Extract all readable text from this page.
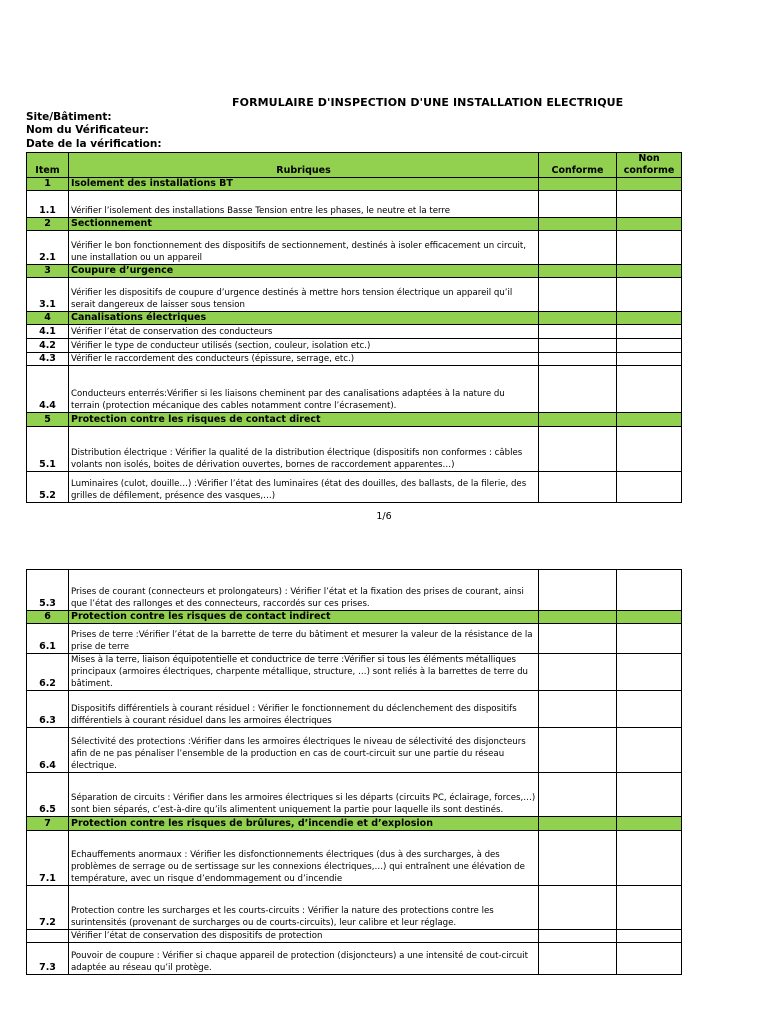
FORMULAIRE D'INSPECTION D'UNE INSTALLATION ELECTRIQUE
Site/Bâtiment:
Nom du Vérificateur:
Date de la vérification:
Item	Rubriques	Conforme	Non conforme
1	Isolement des installations BT		
1.1	Vérifier l’isolement des installations Basse Tension entre les phases, le neutre et la terre		
2	Sectionnement		
2.1	Vérifier le bon fonctionnement des dispositifs de sectionnement, destinés à isoler efficacement un circuit, une installation ou un appareil		
3	Coupure d’urgence		
3.1	Vérifier les dispositifs de coupure d’urgence destinés à mettre hors tension électrique un appareil qu’il serait dangereux de laisser sous tension		
4	Canalisations électriques		
4.1	Vérifier l’état de conservation des conducteurs		
4.2	Vérifier le type de conducteur utilisés (section, couleur, isolation etc.)		
4.3	Vérifier le raccordement des conducteurs (épissure, serrage, etc.)		
4.4	Conducteurs enterrés:Vérifier si les liaisons cheminent par des canalisations adaptées à la nature du terrain (protection mécanique des cables notamment contre l’écrasement).		
5	Protection contre les risques de contact direct		
5.1	Distribution électrique : Vérifier la qualité de la distribution électrique (dispositifs non conformes : câbles volants non isolés, boites de dérivation ouvertes, bornes de raccordement apparentes…)		
5.2	Luminaires (culot, douille…) :Vérifier l’état des luminaires (état des douilles, des ballasts, de la filerie, des grilles de défilement, présence des vasques,…)		
1/6
5.3	Prises de courant (connecteurs et prolongateurs) : Vérifier l’état et la fixation des prises de courant, ainsi que l’état des rallonges et des connecteurs, raccordés sur ces prises.		
6	Protection contre les risques de contact indirect		
6.1	Prises de terre :Vérifier l’état de la barrette de terre du bâtiment et mesurer la valeur de la résistance de la prise de terre		
6.2	Mises à la terre, liaison équipotentielle et conductrice de terre :Vérifier si tous les éléments métalliques principaux (armoires électriques, charpente métallique, structure, …) sont reliés à la barrettes de terre du bâtiment.		
6.3	Dispositifs différentiels à courant résiduel : Vérifier le fonctionnement du déclenchement des dispositifs différentiels à courant résiduel dans les armoires électriques		
6.4	Sélectivité des protections :Vérifier dans les armoires électriques le niveau de sélectivité des disjoncteurs afin de ne pas pénaliser l’ensemble de la production en cas de court-circuit sur une partie du réseau électrique.		
6.5	Séparation de circuits : Vérifier dans les armoires électriques si les départs (circuits PC, éclairage, forces,…) sont bien séparés, c’est-à-dire qu’ils alimentent uniquement la partie pour laquelle ils sont destinés.		
7	Protection contre les risques de brûlures, d’incendie et d’explosion		
7.1	Echauffements anormaux : Vérifier les disfonctionnements électriques (dus à des surcharges, à des problèmes de serrage ou de sertissage sur les connexions électriques,…) qui entraînent une élévation de température, avec un risque d’endommagement ou d’incendie		
7.2	Protection contre les surcharges et les courts-circuits : Vérifier la nature des protections contre les surintensités (provenant de surcharges ou de courts-circuits), leur calibre et leur réglage.		
	Vérifier l’état de conservation des dispositifs de protection		
7.3	Pouvoir de coupure : Vérifier si chaque appareil de protection (disjoncteurs) a une intensité de cout-circuit adaptée au réseau qu’il protège.		
